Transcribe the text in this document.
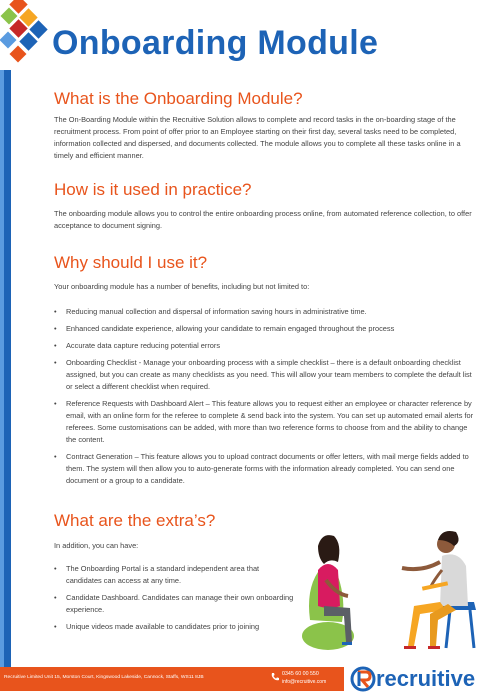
Onboarding Module
What is the Onboarding Module?

The On-Boarding Module within the Recruitive Solution allows to complete and record tasks in the on-boarding stage of the recruitment process. From point of offer prior to an Employee starting on their first day, several tasks need to be completed, information collected and dispersed, and documents collected. The module allows you to complete all these tasks online in a timely and efficient manner.

How is it used in practice?

The onboarding module allows you to control the entire onboarding process online, from automated reference collection, to offer acceptance to document signing.

Why should I use it?

Your onboarding module has a number of benefits, including but not limited to:

• Reducing manual collection and dispersal of information saving hours in administrative time.
• Enhanced candidate experience, allowing your candidate to remain engaged throughout the process
• Accurate data capture reducing potential errors
• Onboarding Checklist - Manage your onboarding process with a simple checklist – there is a default onboarding checklist assigned, but you can create as many checklists as you need. This will allow your team members to complete the default list or select a different checklist when required.
• Reference Requests with Dashboard Alert – This feature allows you to request either an employee or character reference by email, with an online form for the referee to complete & send back into the system. You can set up automated email alerts for referees. Some customisations can be added, with more than two reference forms to choose from and the ability to change the content.
• Contract Generation – This feature allows you to upload contract documents or offer letters, with mail merge fields added to them. The system will then allow you to auto-generate forms with the information already completed. You can send one document or a group to a candidate.
What are the extra’s?

In addition, you can have:

• The Onboarding Portal is a standard independent area that candidates can access at any time.
• Candidate Dashboard. Candidates can manage their own onboarding experience.
• Unique videos made available to candidates prior to joining
Recruitive Limited Unit 15, Morston Court, Kingswood Lakeside, Cannock, Staffs, WS11 8JB
0345 60 00 550
info@recruitive.com recruitive
